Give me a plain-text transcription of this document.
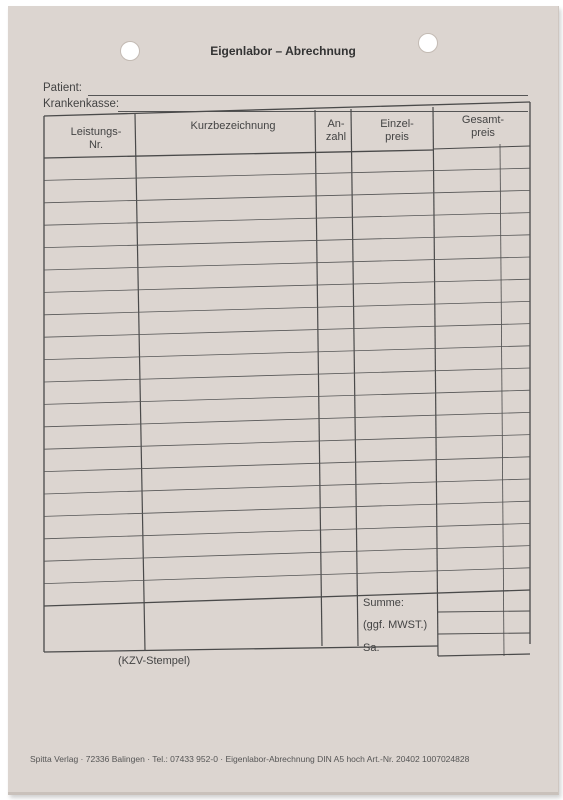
Eigenlabor – Abrechnung
Patient:
Krankenkasse:
Leistungs-
Nr.
Kurzbezeichnung	An-
zahl
Einzel-
preis
Gesamt-
preis
Summe:
(ggf. MWST.)
Sa.
(KZV-Stempel)
Spitta Verlag · 72336 Balingen · Tel.: 07433 952-0 · Eigenlabor-Abrechnung DIN A5 hoch Art.-Nr. 20402 1007024828
